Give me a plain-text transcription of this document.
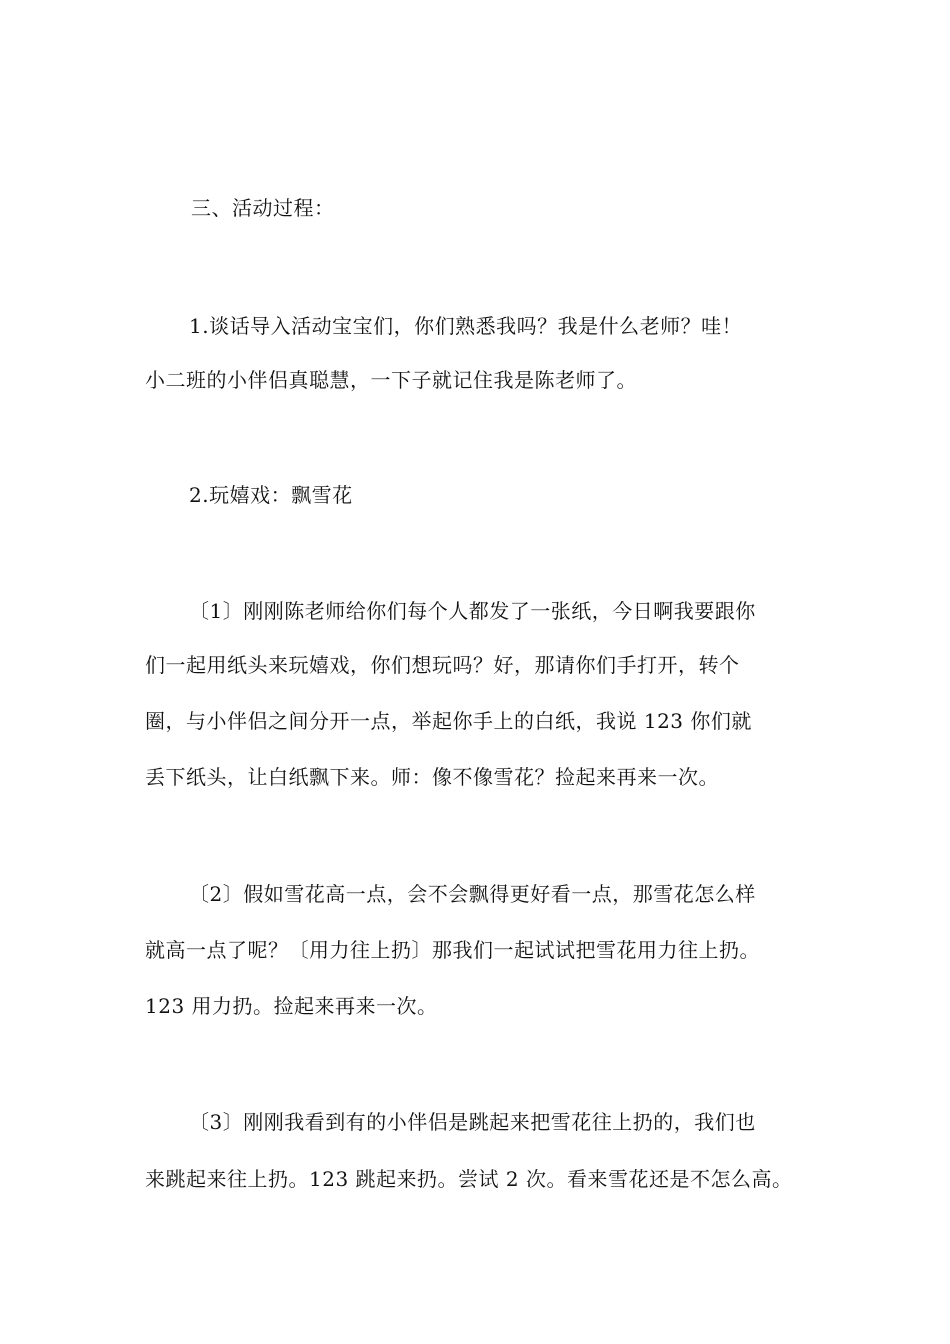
三、活动过程：
1.谈话导入活动宝宝们，你们熟悉我吗？我是什么老师？哇！
小二班的小伴侣真聪慧，一下子就记住我是陈老师了。
2.玩嬉戏：飘雪花
〔1〕刚刚陈老师给你们每个人都发了一张纸，今日啊我要跟你
们一起用纸头来玩嬉戏，你们想玩吗？好，那请你们手打开，转个
圈，与小伴侣之间分开一点，举起你手上的白纸，我说 123 你们就
丢下纸头，让白纸飘下来。师：像不像雪花？捡起来再来一次。
〔2〕假如雪花高一点，会不会飘得更好看一点，那雪花怎么样
就高一点了呢？〔用力往上扔〕那我们一起试试把雪花用力往上扔。
123 用力扔。捡起来再来一次。
〔3〕刚刚我看到有的小伴侣是跳起来把雪花往上扔的，我们也
来跳起来往上扔。123 跳起来扔。尝试 2 次。看来雪花还是不怎么高。
